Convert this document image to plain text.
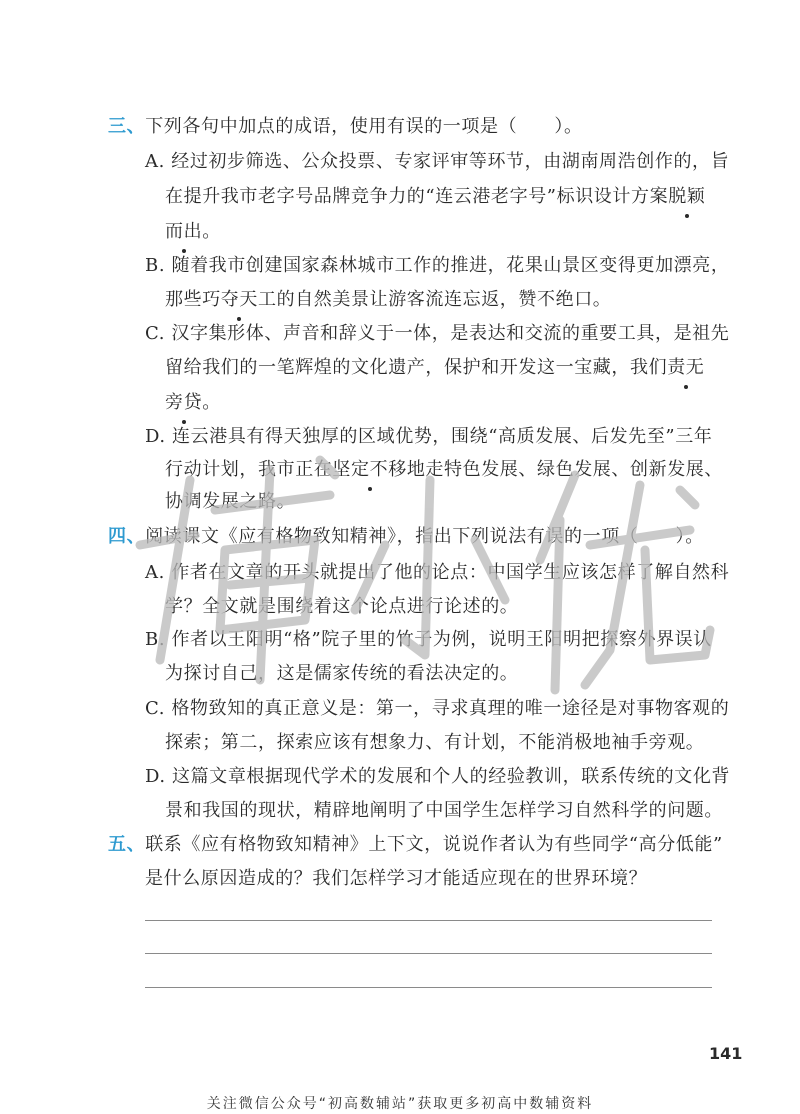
三、下列各句中加点的成语，使用有误的一项是（　　）。
A. 经过初步筛选、公众投票、专家评审等环节，由湖南周浩创作的，旨
在提升我市老字号品牌竞争力的“连云港老字号”标识设计方案脱颖
而出。
B. 随着我市创建国家森林城市工作的推进，花果山景区变得更加漂亮，
那些巧夺天工的自然美景让游客流连忘返，赞不绝口。
C. 汉字集形体、声音和辞义于一体，是表达和交流的重要工具，是祖先
留给我们的一笔辉煌的文化遗产，保护和开发这一宝藏，我们责无
旁贷。
D. 连云港具有得天独厚的区域优势，围绕“高质发展、后发先至”三年
行动计划，我市正在坚定不移地走特色发展、绿色发展、创新发展、
协调发展之路。
四、阅读课文《应有格物致知精神》，指出下列说法有误的一项（　　）。
A. 作者在文章的开头就提出了他的论点：中国学生应该怎样了解自然科
学？全文就是围绕着这个论点进行论述的。
B. 作者以王阳明“格”院子里的竹子为例，说明王阳明把探察外界误认
为探讨自己，这是儒家传统的看法决定的。
C. 格物致知的真正意义是：第一，寻求真理的唯一途径是对事物客观的
探索；第二，探索应该有想象力、有计划，不能消极地袖手旁观。
D. 这篇文章根据现代学术的发展和个人的经验教训，联系传统的文化背
景和我国的现状，精辟地阐明了中国学生怎样学习自然科学的问题。
五、联系《应有格物致知精神》上下文，说说作者认为有些同学“高分低能”
是什么原因造成的？我们怎样学习才能适应现在的世界环境？
141
关注微信公众号“初高数辅站”获取更多初高中数辅资料
